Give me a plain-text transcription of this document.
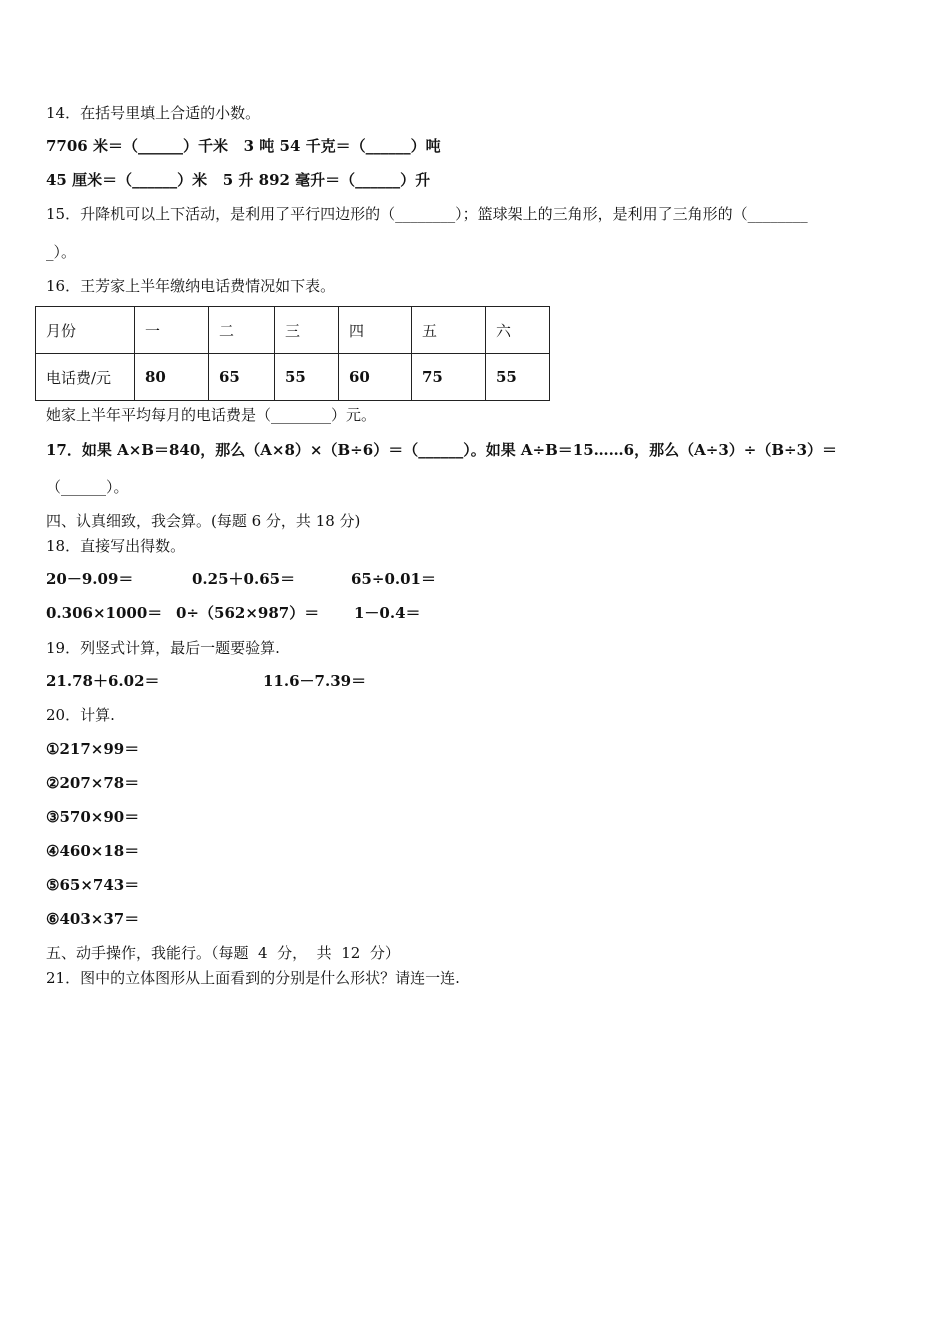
14．在括号里填上合适的小数。
7706 米＝（______）千米   3 吨 54 千克＝（______）吨
45 厘米＝（______）米   5 升 892 毫升＝（______）升
15．升降机可以上下活动，是利用了平行四边形的（________）；篮球架上的三角形，是利用了三角形的（________
_）。
16．王芳家上半年缴纳电话费情况如下表。
月份	一	二	三	四	五	六
电话费/元	80	65	55	60	75	55
她家上半年平均每月的电话费是（________）元。
17．如果 A×B＝840，那么（A×8）×（B÷6）＝（______）。如果 A÷B＝15……6，那么（A÷3）÷（B÷3）＝
（______）。
四、认真细致，我会算。(每题 6 分，共 18 分)
18．直接写出得数。
20－9.09＝	0.25＋0.65＝	65÷0.01＝
0.306×1000＝ 0÷（562×987）＝ 1－0.4＝
19．列竖式计算，最后一题要验算.
21.78＋6.02＝	11.6－7.39＝
20．计算.
①217×99＝
②207×78＝
③570×90＝
④460×18＝
⑤65×743＝
⑥403×37＝
五、动手操作，我能行。（每题  4  分，  共  12  分）
21．图中的立体图形从上面看到的分别是什么形状？请连一连.
